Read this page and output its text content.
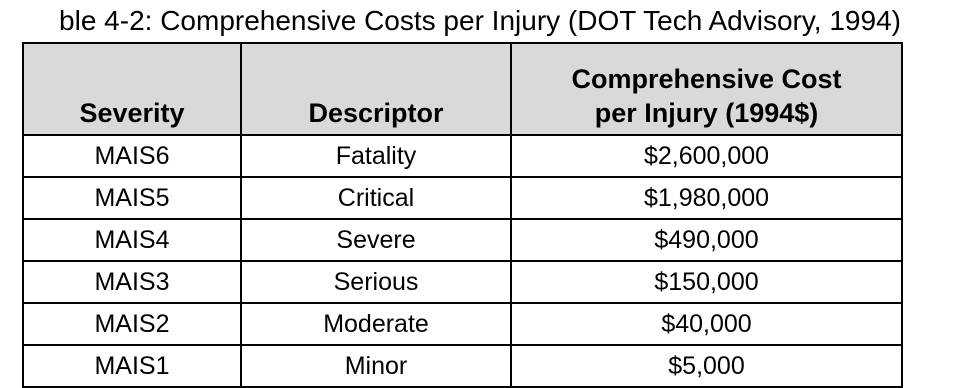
ble 4-2: Comprehensive Costs per Injury (DOT Tech Advisory, 1994)
Severity	Descriptor	Comprehensive Cost
per Injury (1994$)

MAIS6	Fatality	$2,600,000
MAIS5	Critical	$1,980,000
MAIS4	Severe	$490,000
MAIS3	Serious	$150,000
MAIS2	Moderate	$40,000
MAIS1	Minor	$5,000
